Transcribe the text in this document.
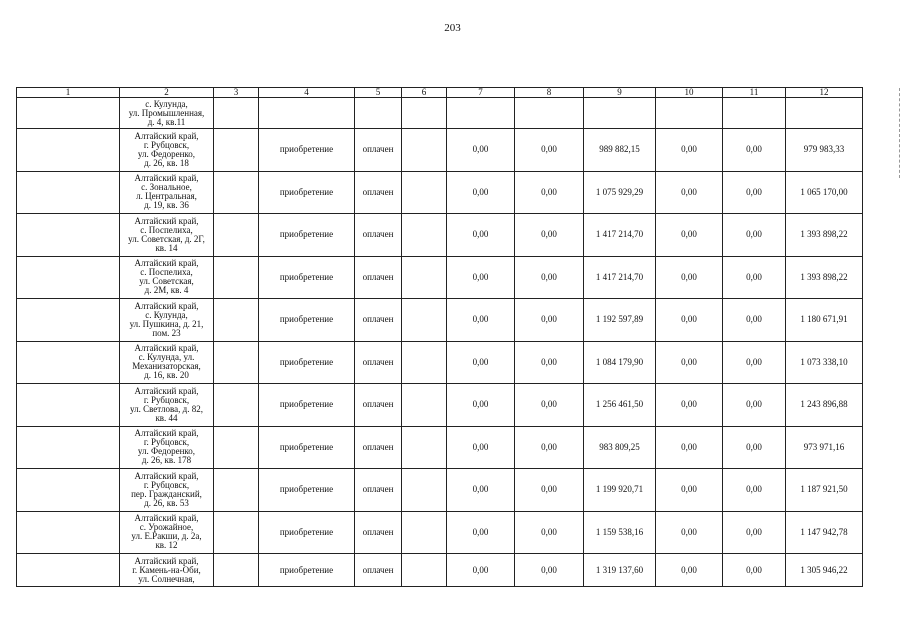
203
1	2	3	4	5	6	7	8	9	10	11	12
	с. Кулунда,
ул. Промышленная,
д. 4, кв.11										
	Алтайский край,
г. Рубцовск,
ул. Федоренко,
д. 26, кв. 18		приобретение	оплачен		0,00	0,00	989 882,15	0,00	0,00	979 983,33
	Алтайский край,
с. Зональное,
л. Центральная,
д. 19, кв. 36		приобретение	оплачен		0,00	0,00	1 075 929,29	0,00	0,00	1 065 170,00
	Алтайский край,
с. Поспелиха,
ул. Советская, д. 2Г,
кв. 14		приобретение	оплачен		0,00	0,00	1 417 214,70	0,00	0,00	1 393 898,22
	Алтайский край,
с. Поспелиха,
ул. Советская,
д. 2М, кв. 4		приобретение	оплачен		0,00	0,00	1 417 214,70	0,00	0,00	1 393 898,22
	Алтайский край,
с. Кулунда,
ул. Пушкина, д. 21,
пом. 23		приобретение	оплачен		0,00	0,00	1 192 597,89	0,00	0,00	1 180 671,91
	Алтайский край,
с. Кулунда, ул.
Механизаторская,
д. 16, кв. 20		приобретение	оплачен		0,00	0,00	1 084 179,90	0,00	0,00	1 073 338,10
	Алтайский край,
г. Рубцовск,
ул. Светлова, д. 82,
кв. 44		приобретение	оплачен		0,00	0,00	1 256 461,50	0,00	0,00	1 243 896,88
	Алтайский край,
г. Рубцовск,
ул. Федоренко,
д. 26, кв. 178		приобретение	оплачен		0,00	0,00	983 809,25	0,00	0,00	973 971,16
	Алтайский край,
г. Рубцовск,
пер. Гражданский,
д. 26, кв. 53		приобретение	оплачен		0,00	0,00	1 199 920,71	0,00	0,00	1 187 921,50
	Алтайский край,
с. Урожайное,
ул. Е.Ракши, д. 2а,
кв. 12		приобретение	оплачен		0,00	0,00	1 159 538,16	0,00	0,00	1 147 942,78
	Алтайский край,
г. Камень-на-Оби,
ул. Солнечная,		приобретение	оплачен		0,00	0,00	1 319 137,60	0,00	0,00	1 305 946,22
